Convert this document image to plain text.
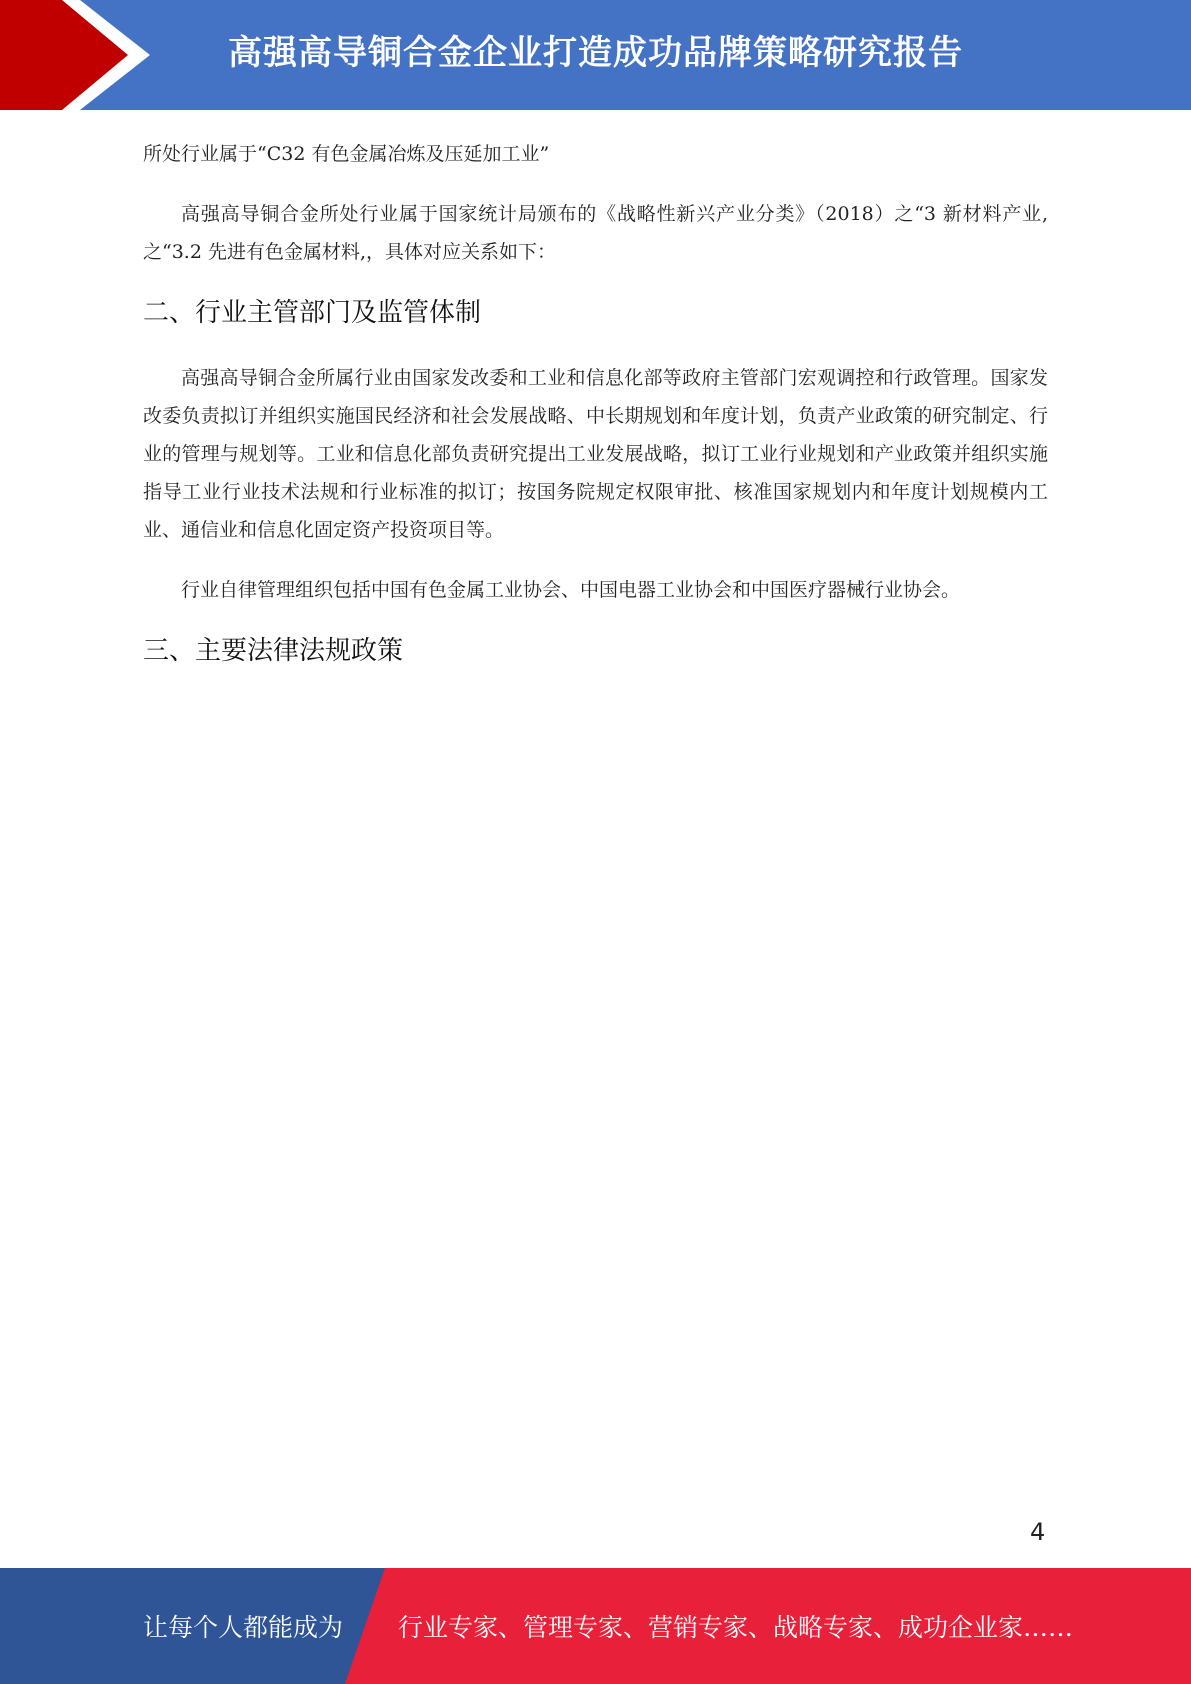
高强高导铜合金企业打造成功品牌策略研究报告

所处行业属于“C32 有色金属冶炼及压延加工业”

高强高导铜合金所处行业属于国家统计局颁布的《战略性新兴产业分类》（2018）之“3 新材料产业,之“3.2 先进有色金属材料,，具体对应关系如下：

二、行业主管部门及监管体制

高强高导铜合金所属行业由国家发改委和工业和信息化部等政府主管部门宏观调控和行政管理。国家发改委负责拟订并组织实施国民经济和社会发展战略、中长期规划和年度计划，负责产业政策的研究制定、行业的管理与规划等。工业和信息化部负责研究提出工业发展战略，拟订工业行业规划和产业政策并组织实施指导工业行业技术法规和行业标准的拟订；按国务院规定权限审批、核准国家规划内和年度计划规模内工业、通信业和信息化固定资产投资项目等。

行业自律管理组织包括中国有色金属工业协会、中国电器工业协会和中国医疗器械行业协会。

三、主要法律法规政策
4
让每个人都能成为 行业专家、管理专家、营销专家、战略专家、成功企业家……
